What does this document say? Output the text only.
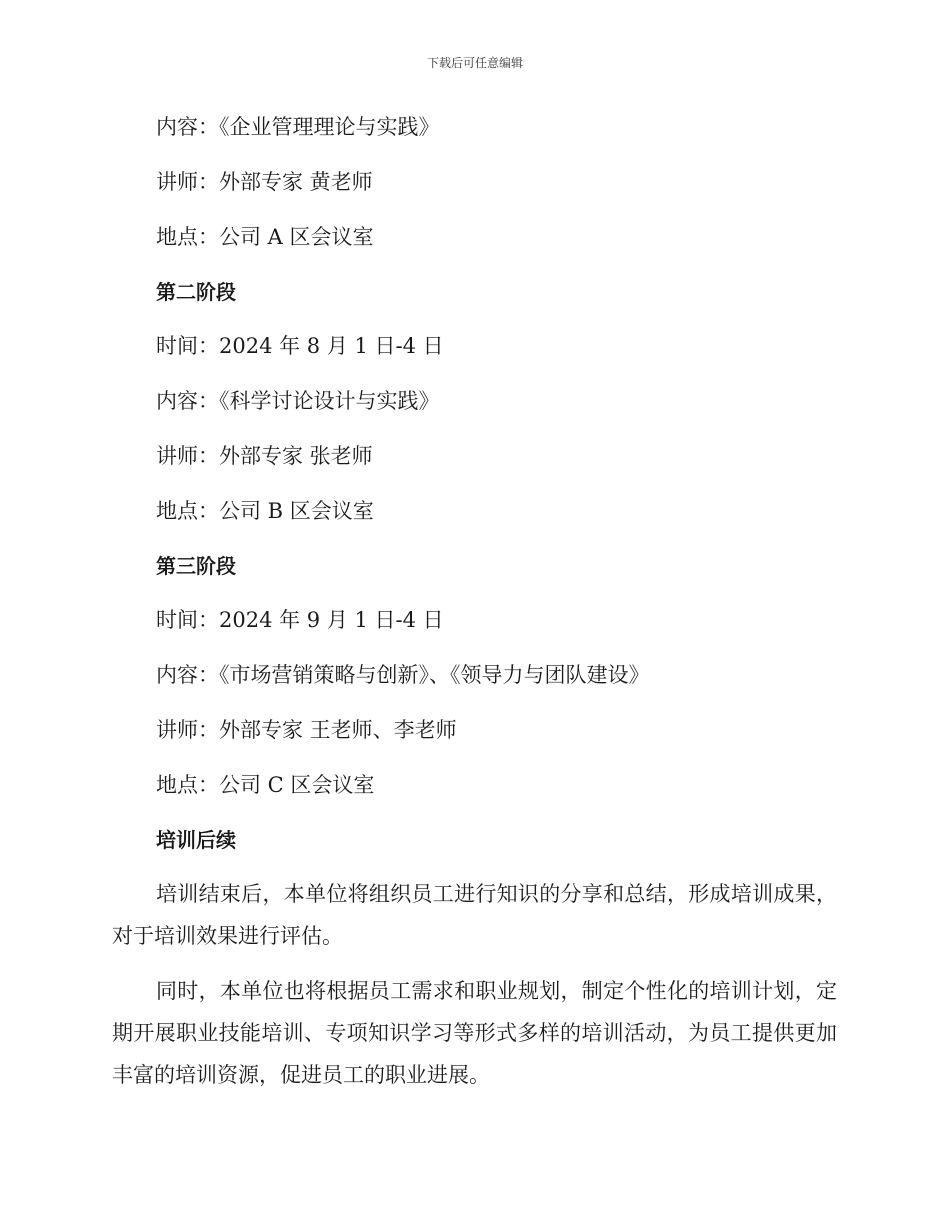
下载后可任意编辑
内容：《企业管理理论与实践》
讲师：外部专家 黄老师
地点：公司 A 区会议室
第二阶段
时间：2024 年 8 月 1 日-4 日
内容：《科学讨论设计与实践》
讲师：外部专家 张老师
地点：公司 B 区会议室
第三阶段
时间：2024 年 9 月 1 日-4 日
内容：《市场营销策略与创新》、《领导力与团队建设》
讲师：外部专家 王老师、李老师
地点：公司 C 区会议室
培训后续
培训结束后，本单位将组织员工进行知识的分享和总结，形成培训成果，对于培训效果进行评估。
同时，本单位也将根据员工需求和职业规划，制定个性化的培训计划，定期开展职业技能培训、专项知识学习等形式多样的培训活动，为员工提供更加丰富的培训资源，促进员工的职业进展。
